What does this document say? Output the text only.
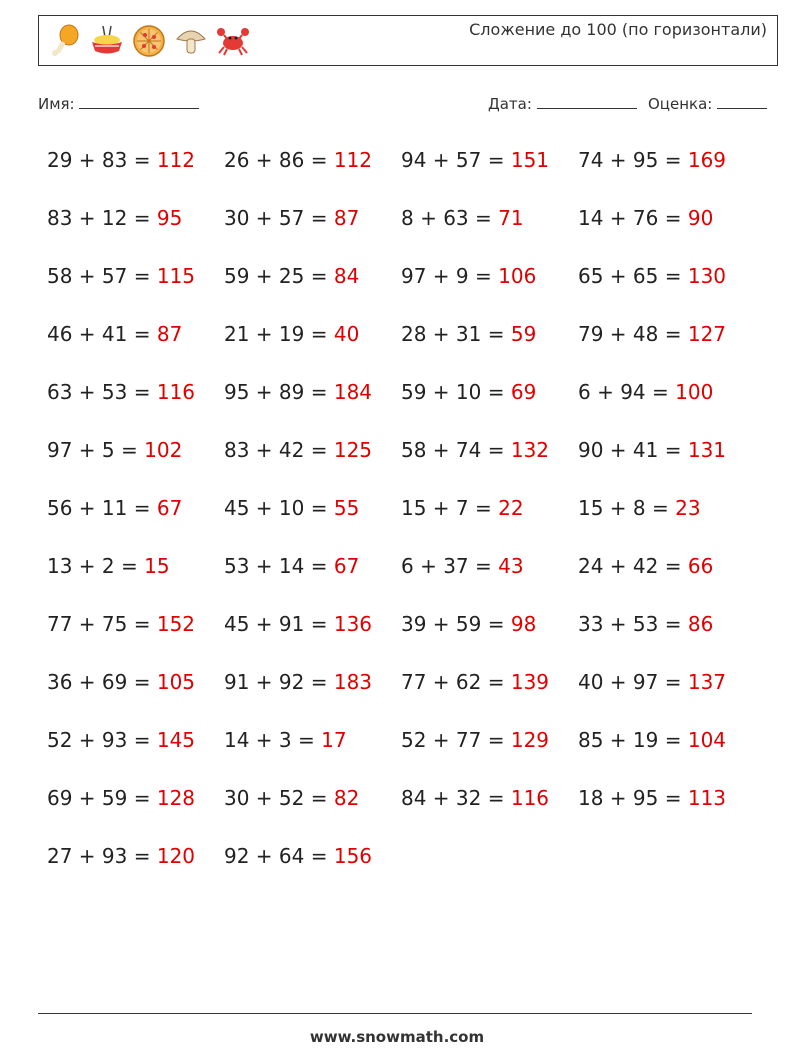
Сложение до 100 (по горизонтали)
Имя:	Дата:	Оценка:
29 + 83 = 112 26 + 86 = 112 94 + 57 = 151 74 + 95 = 169
83 + 12 = 95 30 + 57 = 87 8 + 63 = 71	14 + 76 = 90
58 + 57 = 115 59 + 25 = 84 97 + 9 = 106 65 + 65 = 130
46 + 41 = 87 21 + 19 = 40 28 + 31 = 59 79 + 48 = 127
63 + 53 = 116 95 + 89 = 184 59 + 10 = 69 6 + 94 = 100
97 + 5 = 102 83 + 42 = 125 58 + 74 = 132 90 + 41 = 131
56 + 11 = 67 45 + 10 = 55 15 + 7 = 22	15 + 8 = 23
13 + 2 = 15	53 + 14 = 67 6 + 37 = 43	24 + 42 = 66
77 + 75 = 152 45 + 91 = 136 39 + 59 = 98 33 + 53 = 86
36 + 69 = 105 91 + 92 = 183 77 + 62 = 139 40 + 97 = 137
52 + 93 = 145 14 + 3 = 17	52 + 77 = 129 85 + 19 = 104
69 + 59 = 128 30 + 52 = 82 84 + 32 = 116 18 + 95 = 113
27 + 93 = 120 92 + 64 = 156
www.snowmath.com
